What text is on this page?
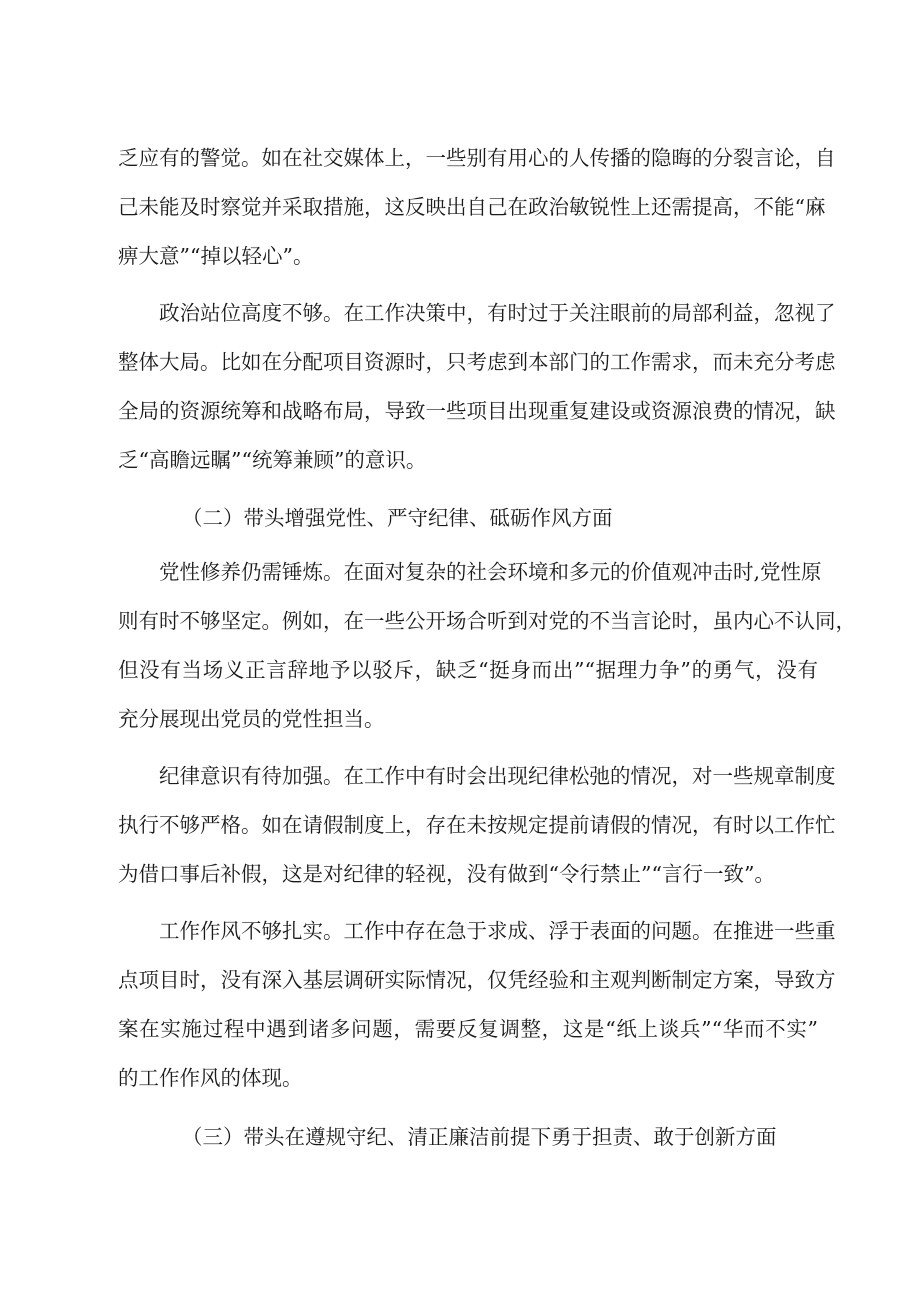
乏应有的警觉。如在社交媒体上，一些别有用心的人传播的隐晦的分裂言论，自
己未能及时察觉并采取措施，这反映出自己在政治敏锐性上还需提高，不能“麻
痹大意”“掉以轻心”。
政治站位高度不够。在工作决策中，有时过于关注眼前的局部利益，忽视了
整体大局。比如在分配项目资源时，只考虑到本部门的工作需求，而未充分考虑
全局的资源统筹和战略布局，导致一些项目出现重复建设或资源浪费的情况，缺
乏“高瞻远瞩”“统筹兼顾”的意识。
（二）带头增强党性、严守纪律、砥砺作风方面
党性修养仍需锤炼。在面对复杂的社会环境和多元的价值观冲击时,党性原
则有时不够坚定。例如，在一些公开场合听到对党的不当言论时，虽内心不认同，
但没有当场义正言辞地予以驳斥，缺乏“挺身而出”“据理力争”的勇气，没有
充分展现出党员的党性担当。
纪律意识有待加强。在工作中有时会出现纪律松弛的情况，对一些规章制度
执行不够严格。如在请假制度上，存在未按规定提前请假的情况，有时以工作忙
为借口事后补假，这是对纪律的轻视，没有做到“令行禁止”“言行一致”。
工作作风不够扎实。工作中存在急于求成、浮于表面的问题。在推进一些重
点项目时，没有深入基层调研实际情况，仅凭经验和主观判断制定方案，导致方
案在实施过程中遇到诸多问题，需要反复调整，这是“纸上谈兵”“华而不实”
的工作作风的体现。
（三）带头在遵规守纪、清正廉洁前提下勇于担责、敢于创新方面
